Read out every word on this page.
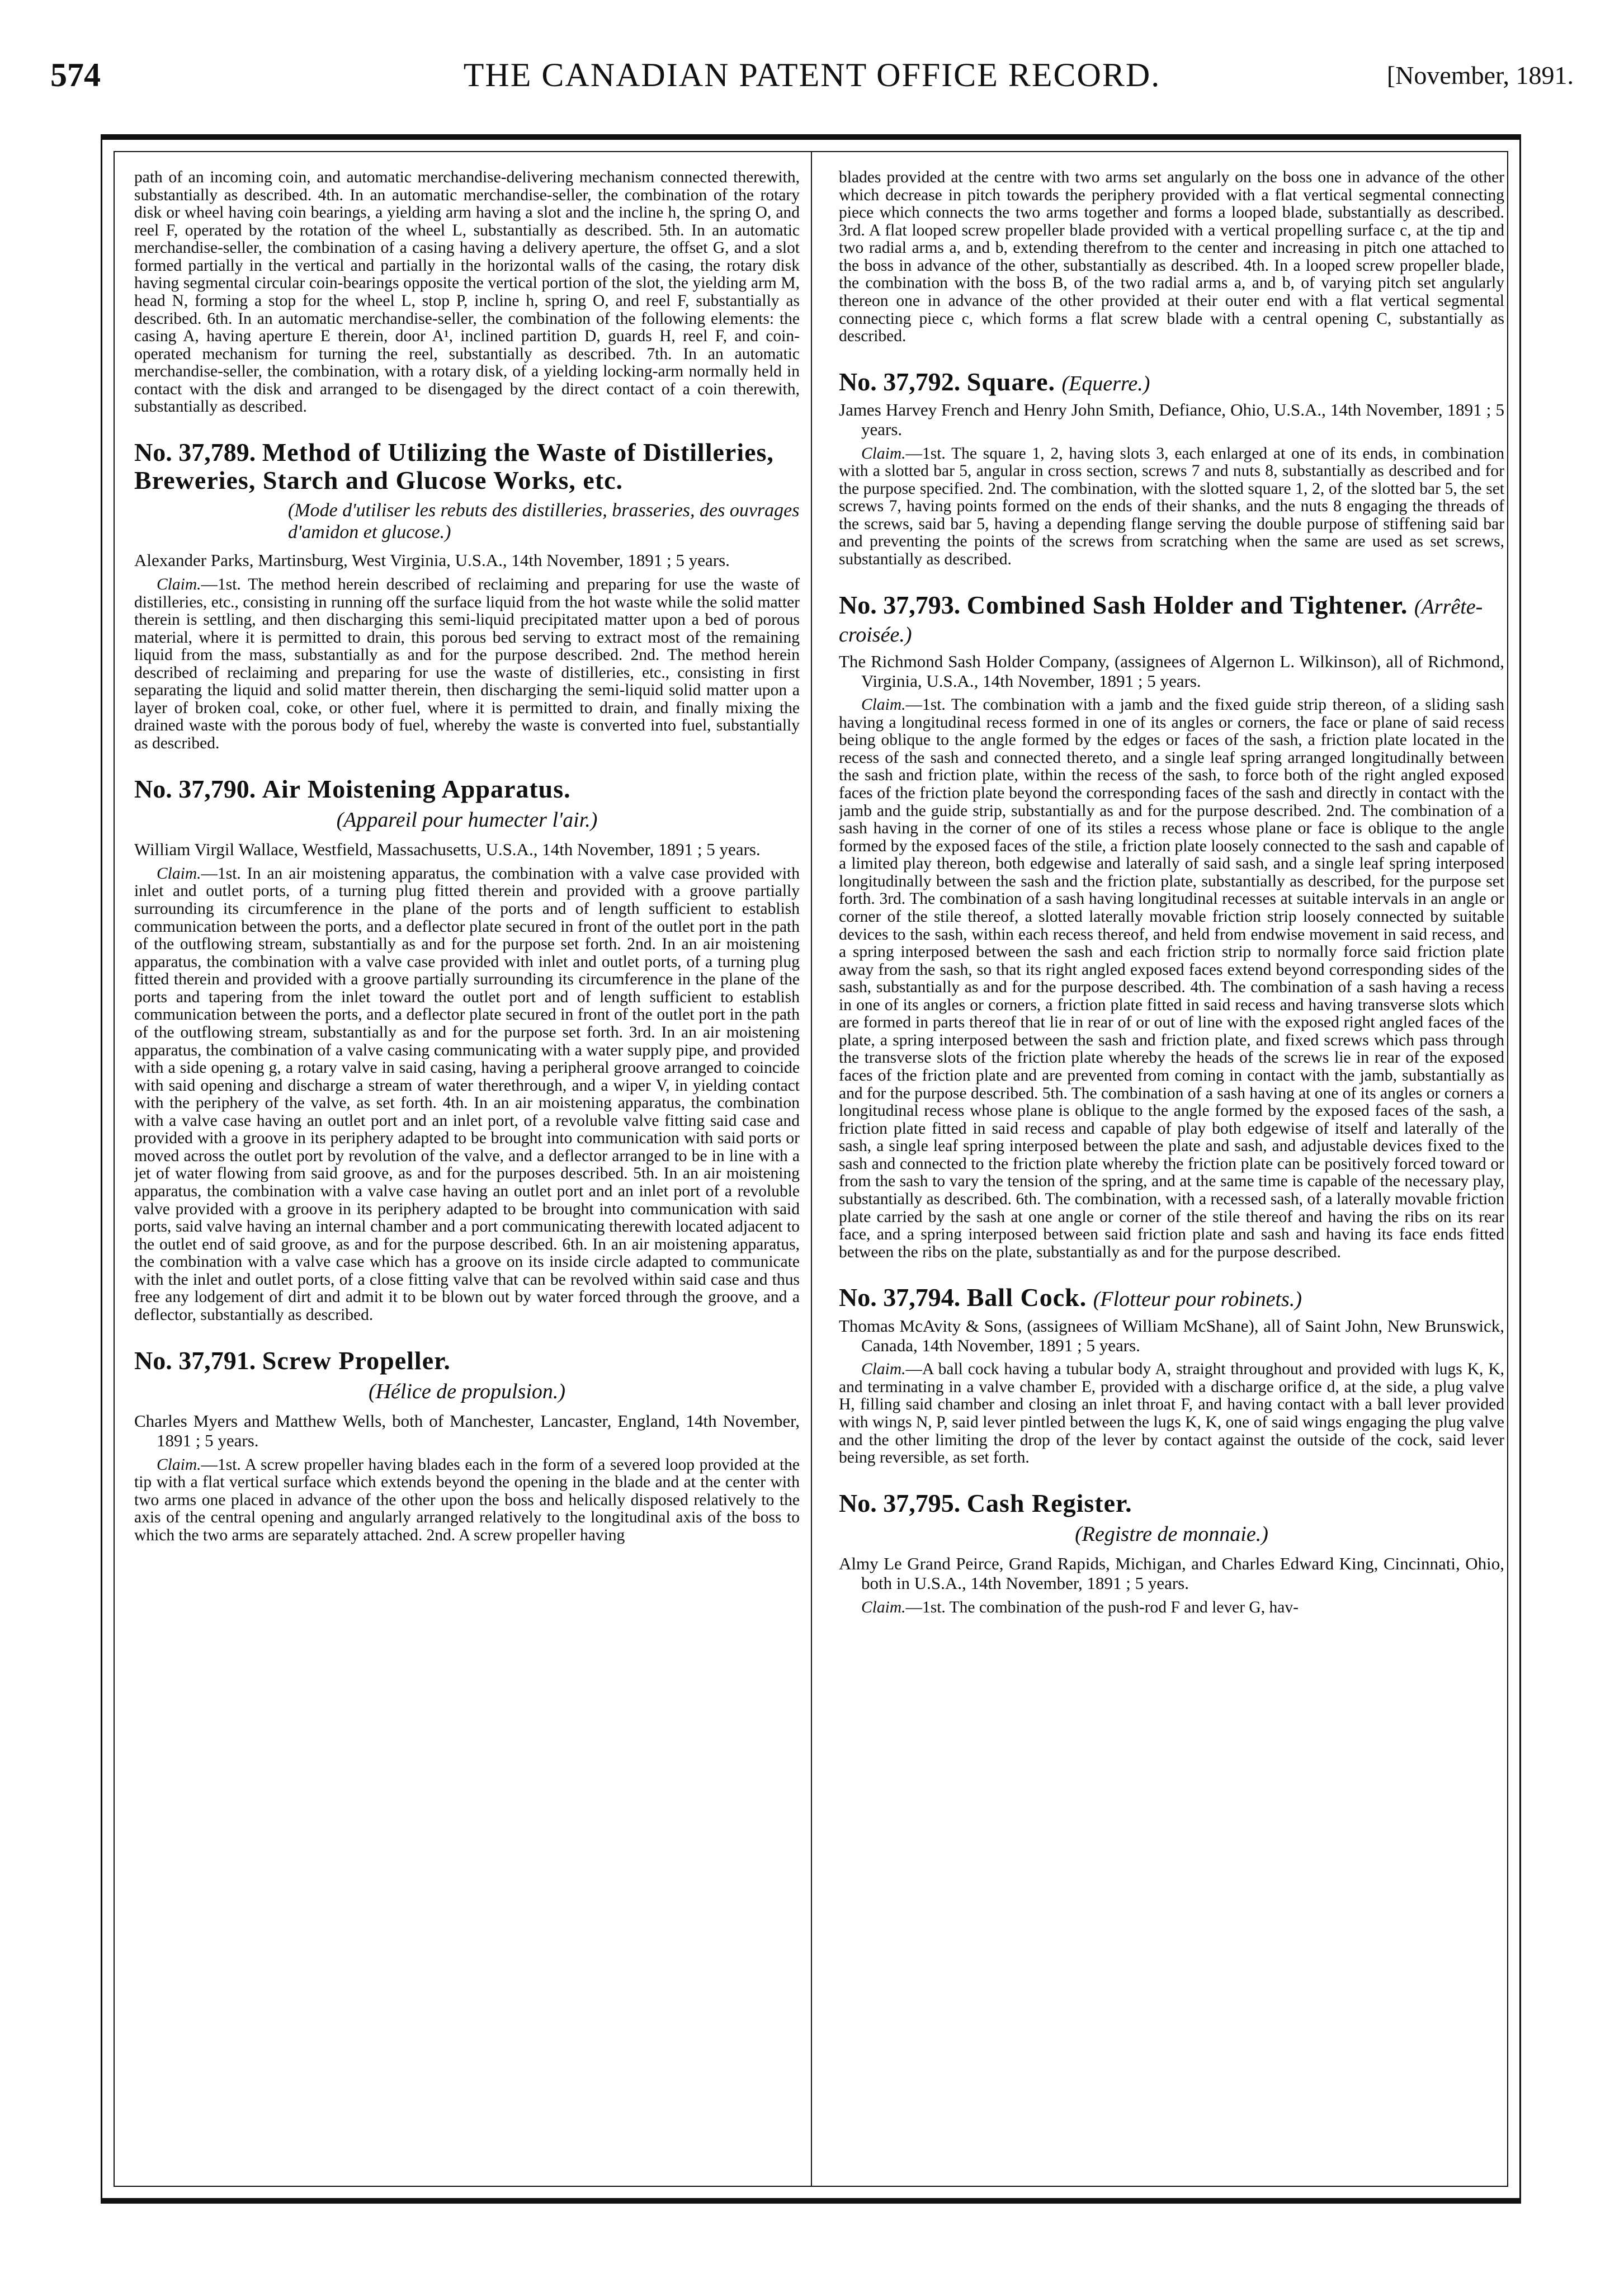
574	THE CANADIAN PATENT OFFICE RECORD.	[November, 1891.

path of an incoming coin, and automatic merchandise-delivering mechanism connected therewith, substantially as described. 4th. In an automatic merchandise-seller, the combination of the rotary disk or wheel having coin bearings, a yielding arm having a slot and the incline h, the spring O, and reel F, operated by the rotation of the wheel L, substantially as described. 5th. In an automatic merchandise-seller, the combination of a casing having a delivery aperture, the offset G, and a slot formed partially in the vertical and partially in the horizontal walls of the casing, the rotary disk having segmental circular coin-bearings opposite the vertical portion of the slot, the yielding arm M, head N, forming a stop for the wheel L, stop P, incline h, spring O, and reel F, substantially as described. 6th. In an automatic merchandise-seller, the combination of the following elements: the casing A, having aperture E therein, door A¹, inclined partition D, guards H, reel F, and coin-operated mechanism for turning the reel, substantially as described. 7th. In an automatic merchandise-seller, the combination, with a rotary disk, of a yielding locking-arm normally held in contact with the disk and arranged to be disengaged by the direct contact of a coin therewith, substantially as described.

No. 37,789. Method of Utilizing the Waste of Distilleries, Breweries, Starch and Glucose Works, etc.
(Mode d'utiliser les rebuts des distilleries, brasseries, des ouvrages d'amidon et glucose.)

Alexander Parks, Martinsburg, West Virginia, U.S.A., 14th November, 1891 ; 5 years.

Claim.—1st. The method herein described of reclaiming and preparing for use the waste of distilleries, etc., consisting in running off the surface liquid from the hot waste while the solid matter therein is settling, and then discharging this semi-liquid precipitated matter upon a bed of porous material, where it is permitted to drain, this porous bed serving to extract most of the remaining liquid from the mass, substantially as and for the purpose described. 2nd. The method herein described of reclaiming and preparing for use the waste of distilleries, etc., consisting in first separating the liquid and solid matter therein, then discharging the semi-liquid solid matter upon a layer of broken coal, coke, or other fuel, where it is permitted to drain, and finally mixing the drained waste with the porous body of fuel, whereby the waste is converted into fuel, substantially as described.

No. 37,790. Air Moistening Apparatus.
(Appareil pour humecter l'air.)

William Virgil Wallace, Westfield, Massachusetts, U.S.A., 14th November, 1891 ; 5 years.

Claim.—1st. In an air moistening apparatus, the combination with a valve case provided with inlet and outlet ports, of a turning plug fitted therein and provided with a groove partially surrounding its circumference in the plane of the ports and of length sufficient to establish communication between the ports, and a deflector plate secured in front of the outlet port in the path of the outflowing stream, substantially as and for the purpose set forth. 2nd. In an air moistening apparatus, the combination with a valve case provided with inlet and outlet ports, of a turning plug fitted therein and provided with a groove partially surrounding its circumference in the plane of the ports and tapering from the inlet toward the outlet port and of length sufficient to establish communication between the ports, and a deflector plate secured in front of the outlet port in the path of the outflowing stream, substantially as and for the purpose set forth. 3rd. In an air moistening apparatus, the combination of a valve casing communicating with a water supply pipe, and provided with a side opening g, a rotary valve in said casing, having a peripheral groove arranged to coincide with said opening and discharge a stream of water therethrough, and a wiper V, in yielding contact with the periphery of the valve, as set forth. 4th. In an air moistening apparatus, the combination with a valve case having an outlet port and an inlet port, of a revoluble valve fitting said case and provided with a groove in its periphery adapted to be brought into communication with said ports or moved across the outlet port by revolution of the valve, and a deflector arranged to be in line with a jet of water flowing from said groove, as and for the purposes described. 5th. In an air moistening apparatus, the combination with a valve case having an outlet port and an inlet port of a revoluble valve provided with a groove in its periphery adapted to be brought into communication with said ports, said valve having an internal chamber and a port communicating therewith located adjacent to the outlet end of said groove, as and for the purpose described. 6th. In an air moistening apparatus, the combination with a valve case which has a groove on its inside circle adapted to communicate with the inlet and outlet ports, of a close fitting valve that can be revolved within said case and thus free any lodgement of dirt and admit it to be blown out by water forced through the groove, and a deflector, substantially as described.

No. 37,791. Screw Propeller.
(Hélice de propulsion.)

Charles Myers and Matthew Wells, both of Manchester, Lancaster, England, 14th November, 1891 ; 5 years.

Claim.—1st. A screw propeller having blades each in the form of a severed loop provided at the tip with a flat vertical surface which extends beyond the opening in the blade and at the center with two arms one placed in advance of the other upon the boss and helically disposed relatively to the axis of the central opening and angularly arranged relatively to the longitudinal axis of the boss to which the two arms are separately attached. 2nd. A screw propeller having

blades provided at the centre with two arms set angularly on the boss one in advance of the other which decrease in pitch towards the periphery provided with a flat vertical segmental connecting piece which connects the two arms together and forms a looped blade, substantially as described. 3rd. A flat looped screw propeller blade provided with a vertical propelling surface c, at the tip and two radial arms a, and b, extending therefrom to the center and increasing in pitch one attached to the boss in advance of the other, substantially as described. 4th. In a looped screw propeller blade, the combination with the boss B, of the two radial arms a, and b, of varying pitch set angularly thereon one in advance of the other provided at their outer end with a flat vertical segmental connecting piece c, which forms a flat screw blade with a central opening C, substantially as described.

No. 37,792. Square. (Equerre.)

James Harvey French and Henry John Smith, Defiance, Ohio, U.S.A., 14th November, 1891 ; 5 years.

Claim.—1st. The square 1, 2, having slots 3, each enlarged at one of its ends, in combination with a slotted bar 5, angular in cross section, screws 7 and nuts 8, substantially as described and for the purpose specified. 2nd. The combination, with the slotted square 1, 2, of the slotted bar 5, the set screws 7, having points formed on the ends of their shanks, and the nuts 8 engaging the threads of the screws, said bar 5, having a depending flange serving the double purpose of stiffening said bar and preventing the points of the screws from scratching when the same are used as set screws, substantially as described.

No. 37,793. Combined Sash Holder and Tightener. (Arrête-croisée.)

The Richmond Sash Holder Company, (assignees of Algernon L. Wilkinson), all of Richmond, Virginia, U.S.A., 14th November, 1891 ; 5 years.

Claim.—1st. The combination with a jamb and the fixed guide strip thereon, of a sliding sash having a longitudinal recess formed in one of its angles or corners, the face or plane of said recess being oblique to the angle formed by the edges or faces of the sash, a friction plate located in the recess of the sash and connected thereto, and a single leaf spring arranged longitudinally between the sash and friction plate, within the recess of the sash, to force both of the right angled exposed faces of the friction plate beyond the corresponding faces of the sash and directly in contact with the jamb and the guide strip, substantially as and for the purpose described. 2nd. The combination of a sash having in the corner of one of its stiles a recess whose plane or face is oblique to the angle formed by the exposed faces of the stile, a friction plate loosely connected to the sash and capable of a limited play thereon, both edgewise and laterally of said sash, and a single leaf spring interposed longitudinally between the sash and the friction plate, substantially as described, for the purpose set forth. 3rd. The combination of a sash having longitudinal recesses at suitable intervals in an angle or corner of the stile thereof, a slotted laterally movable friction strip loosely connected by suitable devices to the sash, within each recess thereof, and held from endwise movement in said recess, and a spring interposed between the sash and each friction strip to normally force said friction plate away from the sash, so that its right angled exposed faces extend beyond corresponding sides of the sash, substantially as and for the purpose described. 4th. The combination of a sash having a recess in one of its angles or corners, a friction plate fitted in said recess and having transverse slots which are formed in parts thereof that lie in rear of or out of line with the exposed right angled faces of the plate, a spring interposed between the sash and friction plate, and fixed screws which pass through the transverse slots of the friction plate whereby the heads of the screws lie in rear of the exposed faces of the friction plate and are prevented from coming in contact with the jamb, substantially as and for the purpose described. 5th. The combination of a sash having at one of its angles or corners a longitudinal recess whose plane is oblique to the angle formed by the exposed faces of the sash, a friction plate fitted in said recess and capable of play both edgewise of itself and laterally of the sash, a single leaf spring interposed between the plate and sash, and adjustable devices fixed to the sash and connected to the friction plate whereby the friction plate can be positively forced toward or from the sash to vary the tension of the spring, and at the same time is capable of the necessary play, substantially as described. 6th. The combination, with a recessed sash, of a laterally movable friction plate carried by the sash at one angle or corner of the stile thereof and having the ribs on its rear face, and a spring interposed between said friction plate and sash and having its face ends fitted between the ribs on the plate, substantially as and for the purpose described.

No. 37,794. Ball Cock. (Flotteur pour robinets.)

Thomas McAvity & Sons, (assignees of William McShane), all of Saint John, New Brunswick, Canada, 14th November, 1891 ; 5 years.

Claim.—A ball cock having a tubular body A, straight throughout and provided with lugs K, K, and terminating in a valve chamber E, provided with a discharge orifice d, at the side, a plug valve H, filling said chamber and closing an inlet throat F, and having contact with a ball lever provided with wings N, P, said lever pintled between the lugs K, K, one of said wings engaging the plug valve and the other limiting the drop of the lever by contact against the outside of the cock, said lever being reversible, as set forth.

No. 37,795. Cash Register.
(Registre de monnaie.)

Almy Le Grand Peirce, Grand Rapids, Michigan, and Charles Edward King, Cincinnati, Ohio, both in U.S.A., 14th November, 1891 ; 5 years.

Claim.—1st. The combination of the push-rod F and lever G, hav-
